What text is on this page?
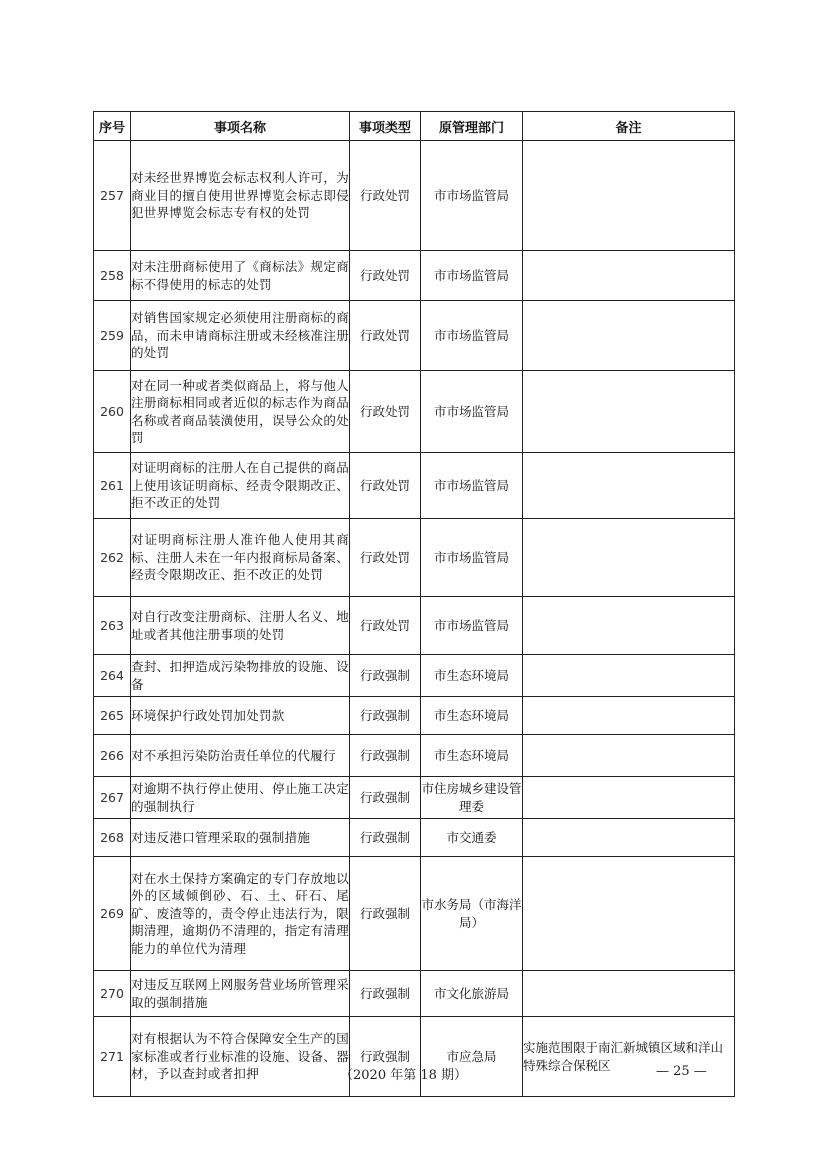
序号	事项名称	事项类型	原管理部门	备注
257	对未经世界博览会标志权利人许可，为商业目的擅自使用世界博览会标志即侵犯世界博览会标志专有权的处罚	行政处罚	市市场监管局	
258	对未注册商标使用了《商标法》规定商标不得使用的标志的处罚	行政处罚	市市场监管局	
259	对销售国家规定必须使用注册商标的商品，而未申请商标注册或未经核准注册的处罚	行政处罚	市市场监管局	
260	对在同一种或者类似商品上，将与他人注册商标相同或者近似的标志作为商品名称或者商品装潢使用，误导公众的处罚	行政处罚	市市场监管局	
261	对证明商标的注册人在自己提供的商品上使用该证明商标、经责令限期改正、拒不改正的处罚	行政处罚	市市场监管局	
262	对证明商标注册人准许他人使用其商标、注册人未在一年内报商标局备案、经责令限期改正、拒不改正的处罚	行政处罚	市市场监管局	
263	对自行改变注册商标、注册人名义、地址或者其他注册事项的处罚	行政处罚	市市场监管局	
264	查封、扣押造成污染物排放的设施、设备	行政强制	市生态环境局	
265	环境保护行政处罚加处罚款	行政强制	市生态环境局	
266	对不承担污染防治责任单位的代履行	行政强制	市生态环境局	
267	对逾期不执行停止使用、停止施工决定的强制执行	行政强制	市住房城乡建设管理委	
268	对违反港口管理采取的强制措施	行政强制	市交通委	
269	对在水土保持方案确定的专门存放地以外的区域倾倒砂、石、土、矸石、尾矿、废渣等的，责令停止违法行为，限期清理，逾期仍不清理的，指定有清理能力的单位代为清理	行政强制	市水务局（市海洋局）	
270	对违反互联网上网服务营业场所管理采取的强制措施	行政强制	市文化旅游局	
271	对有根据认为不符合保障安全生产的国家标准或者行业标准的设施、设备、器材，予以查封或者扣押	行政强制	市应急局	实施范围限于南汇新城镇区域和洋山特殊综合保税区
（2020 年第 18 期）	— 25 —
